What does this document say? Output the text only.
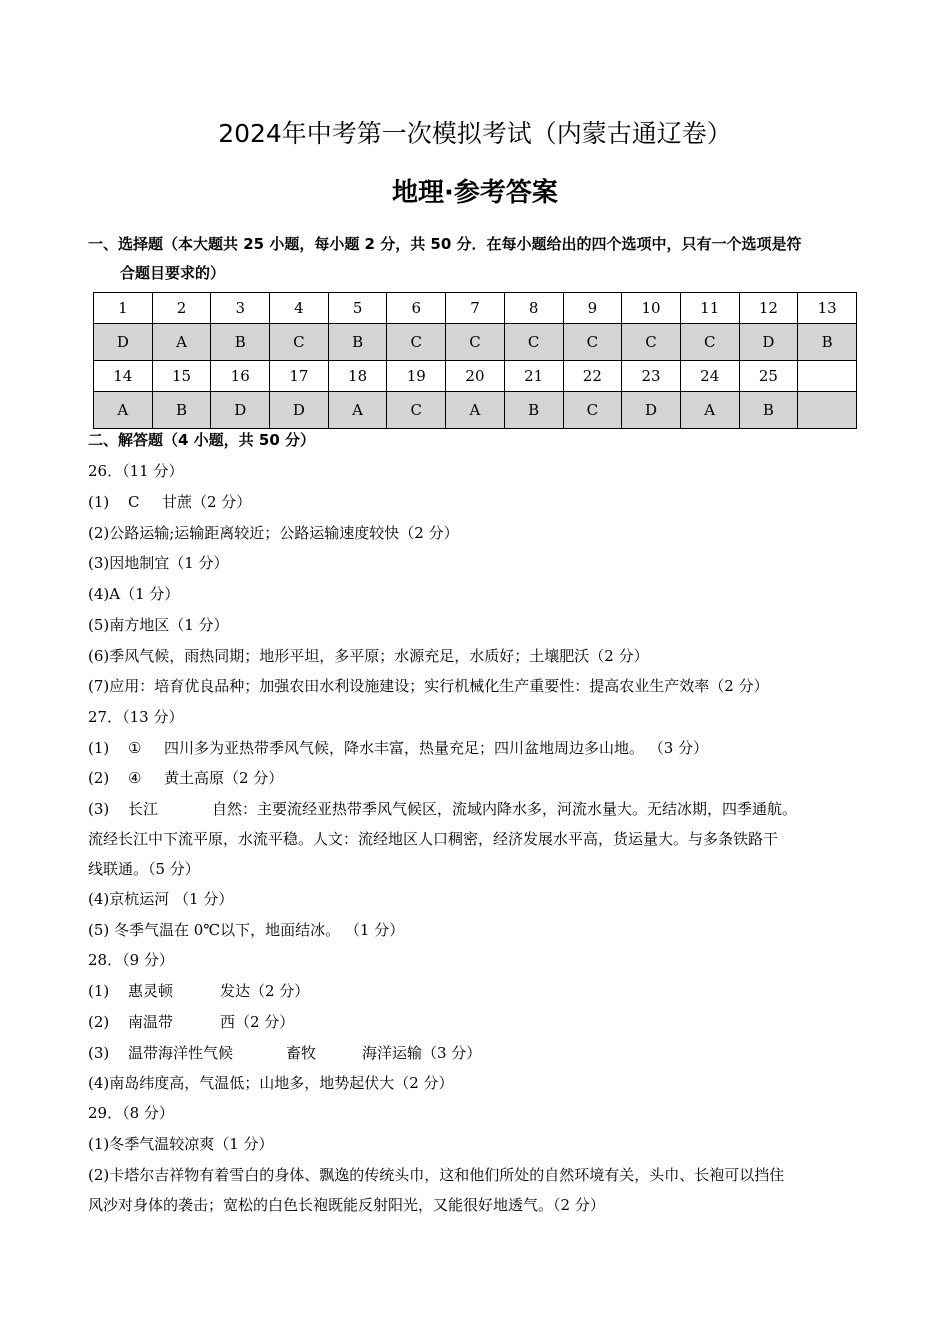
2024年中考第一次模拟考试（内蒙古通辽卷）
地理·参考答案
一、选择题（本大题共 25 小题，每小题 2 分，共 50 分．在每小题给出的四个选项中，只有一个选项是符
合题目要求的）
1	2	3	4	5	6	7	8	9	10	11	12	13
D	A	B	C	B	C	C	C	C	C	C	D	B
14	15	16	17	18	19	20	21	22	23	24	25	
A	B	D	D	A	C	A	B	C	D	A	B	
二、解答题（4 小题，共 50 分）
26．（11 分）
(1) C 甘蔗（2 分）
(2)公路运输;运输距离较近；公路运输速度较快（2 分）
(3)因地制宜（1 分）
(4)A（1 分）
(5)南方地区（1 分）
(6)季风气候，雨热同期；地形平坦，多平原；水源充足，水质好；土壤肥沃（2 分）
(7)应用：培育优良品种；加强农田水利设施建设；实行机械化生产重要性：提高农业生产效率（2 分）
27．（13 分）
(1) ① 四川多为亚热带季风气候，降水丰富，热量充足；四川盆地周边多山地。 （3 分）
(2) ④ 黄土高原（2 分）
(3) 长江	自然：主要流经亚热带季风气候区，流域内降水多，河流水量大。无结冰期，四季通航。
流经长江中下流平原，水流平稳。人文：流经地区人口稠密，经济发展水平高，货运量大。与多条铁路干
线联通。（5 分）
(4)京杭运河 （1 分）
(5) 冬季气温在 0℃以下，地面结冰。 （1 分）
28．（9 分）
(1) 惠灵顿	发达（2 分）
(2) 南温带	西（2 分）
(3) 温带海洋性气候	畜牧	海洋运输（3 分）
(4)南岛纬度高，气温低；山地多，地势起伏大（2 分）
29．（8 分）
(1)冬季气温较凉爽（1 分）
(2)卡塔尔吉祥物有着雪白的身体、飘逸的传统头巾，这和他们所处的自然环境有关，头巾、长袍可以挡住
风沙对身体的袭击；宽松的白色长袍既能反射阳光，又能很好地透气。（2 分）
